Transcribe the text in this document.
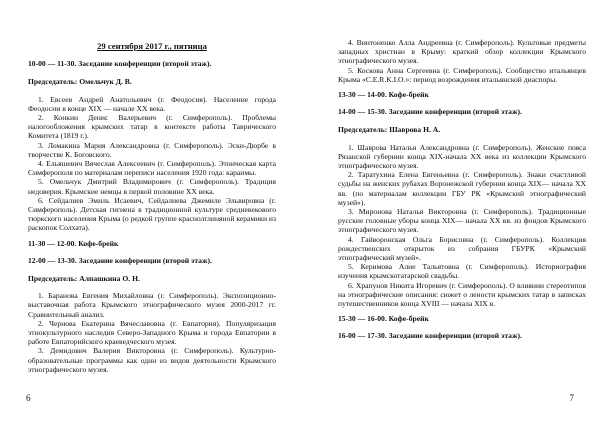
29 сентября 2017 г., пятница
10-00 — 11-30. Заседание конференции (второй этаж).
Председатель: Омельчук Д. В.
1. Евсеев Андрей Анатольевич (г. Феодосия). Население города Феодосии в конце XIX — начале XX века.
2. Конкин Денис Валерьевич (г. Симферополь). Проблемы налогообложения крымских татар в контексте работы Таврического Комитета (1819 г.).
3. Ломакина Мария Александровна (г. Симферополь). Эски-Дюрбе в творчестве К. Боговского.
4. Ельяшевич Вячеслав Алексеевич (г. Симферополь). Этническая карта Симферополя по материалам переписи населения 1920 года: караимы.
5. Омельчук Дмитрий Владимирович (г. Симферополь). Традиция недоверия. Крымские немцы в первой половине XX века.
6. Сейдалиев Эмиль Исаевич, Сейдалиева Джемиле Эльвировна (г. Симферополь). Детская гигиена в традиционной культуре средневекового тюркского населения Крыма (о редкой группе краснолглиняной керамики из раскопок Солхата).
11-30 — 12-00. Кофе-брейк
12-00 — 13-30. Заседание конференции (второй этаж).
Председатель: Алпашкина О. Н.
1. Баранова Евгения Михайловна (г. Симферополь). Экспозиционно-выставочная работа Крымского этнографического музея 2000-2017 гг. Сравнительный анализ.
2. Чернова Екатерина Вячеславовна (г. Евпатория). Популяризация этнокультурного наследия Северо-Западного Крыма и города Евпатории в работе Евпаторийского краеведческого музея.
3. Демидович Валерия Викторовна (г. Симферополь). Культурно-образовательные программы как один из видов деятельности Крымского этнографического музея.
6
4. Винтоненко Алла Андреевна (г. Симферополь). Культовые предметы западных христиан в Крыму: краткий обзор коллекции Крымского этнографического музея.
5. Коскова Анна Сергеевна (г. Симферополь). Сообщество итальянцев Крыма «C.E.R.K.I.O.»: период возрождения итальянской диаспоры.
13-30 — 14-00. Кофе-брейк
14-00 — 15-30. Заседание конференции (второй этаж).
Председатель: Шаврова Н. А.
1. Шаврова Наталья Александровна (г. Симферополь). Женские пояса Рязанской губернии конца XIX-начала XX века из коллекции Крымского этнографического музея.
2. Таратухина Елена Евгеньевна (г. Симферополь). Знаки счастливой судьбы на женских рубахах Воронежской губернии конца XIX— начала XX вв. (по материалам коллекции ГБУ РК «Крымский этнографический музей»).
3. Миронова Наталья Викторовна (г. Симферополь). Традиционные русские головные уборы конца XIX— начала XX вв. из фондов Крымского этнографического музея.
4. Гайворонская Ольга Борисовна (г. Симферополь). Коллекция рождественских открыток из собрания ГБУРК «Крымский этнографический музей».
5. Керимова Алие Тальятовна (г. Симферополь). Историография изучения крымскотатарской свадьбы.
6. Храпунов Никита Игоревич (г. Симферополь). О влиянии стереотипов на этнографические описания: сюжет о лености крымских татар в записках путешественников конца XVIII — начала XIX в.
15-30 — 16-00. Кофе-брейк
16-00 — 17-30. Заседание конференции (второй этаж).
7
